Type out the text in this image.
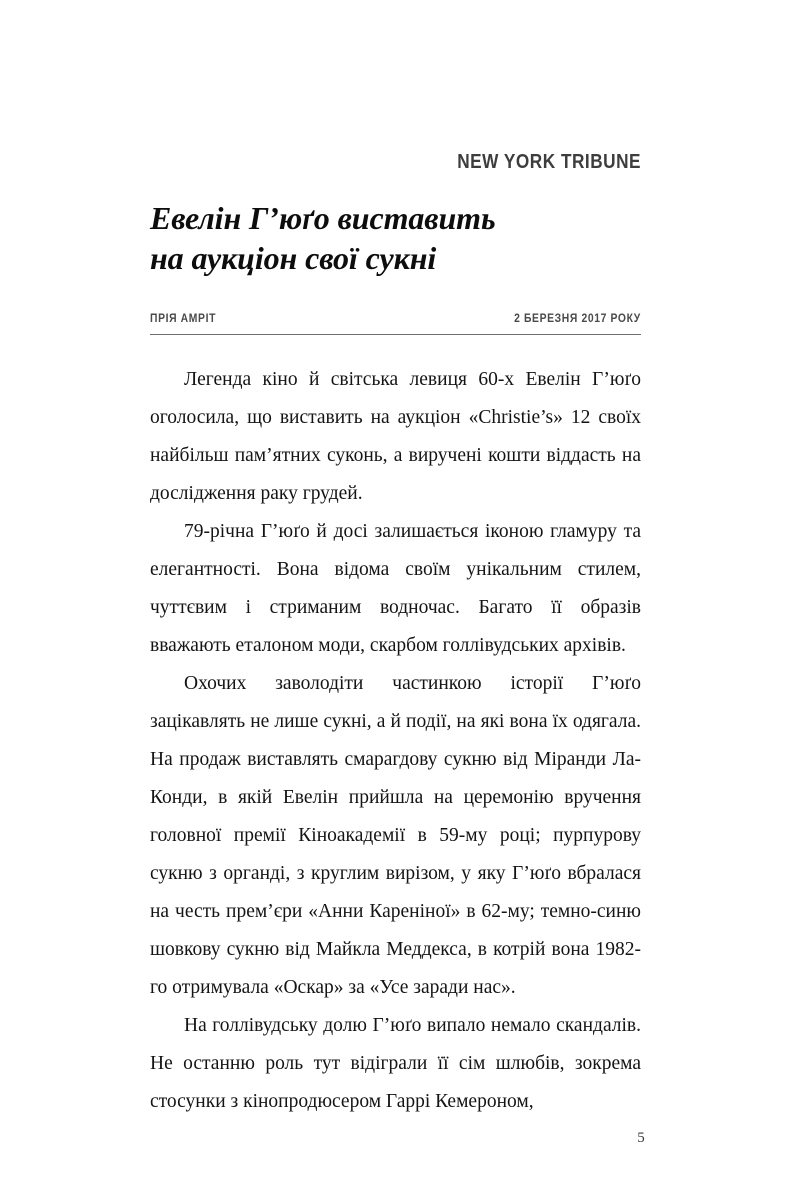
NEW YORK TRIBUNE
Евелін Г’юґо виставить
на аукціон свої сукні
ПРІЯ АМРІТ	2 БЕРЕЗНЯ 2017 РОКУ

Легенда кіно й світська левиця 60-х Евелін Г’юґо оголосила, що виставить на аукціон «Christie’s» 12 своїх найбільш пам’ятних суконь, а виручені кошти віддасть на дослідження раку грудей.

79-річна Г’юґо й досі залишається іконою гламуру та елегантності. Вона відома своїм унікальним стилем, чуттєвим і стриманим водночас. Багато її образів вважають еталоном моди, скарбом голлівудських архівів.

Охочих заволодіти частинкою історії Г’юґо зацікавлять не лише сукні, а й події, на які вона їх одягала. На продаж виставлять смарагдову сукню від Міранди Ла-Конди, в якій Евелін прийшла на церемонію вручення головної премії Кіноакадемії в 59-му році; пурпурову сукню з органді, з круглим вирізом, у яку Г’юґо вбралася на честь прем’єри «Анни Кареніної» в 62-му; темно-синю шовкову сукню від Майкла Меддекса, в котрій вона 1982-го отримувала «Оскар» за «Усе заради нас».

На голлівудську долю Г’юґо випало немало скандалів. Не останню роль тут відіграли її сім шлюбів, зокрема стосунки з кінопродюсером Гаррі Кемероном,

5
